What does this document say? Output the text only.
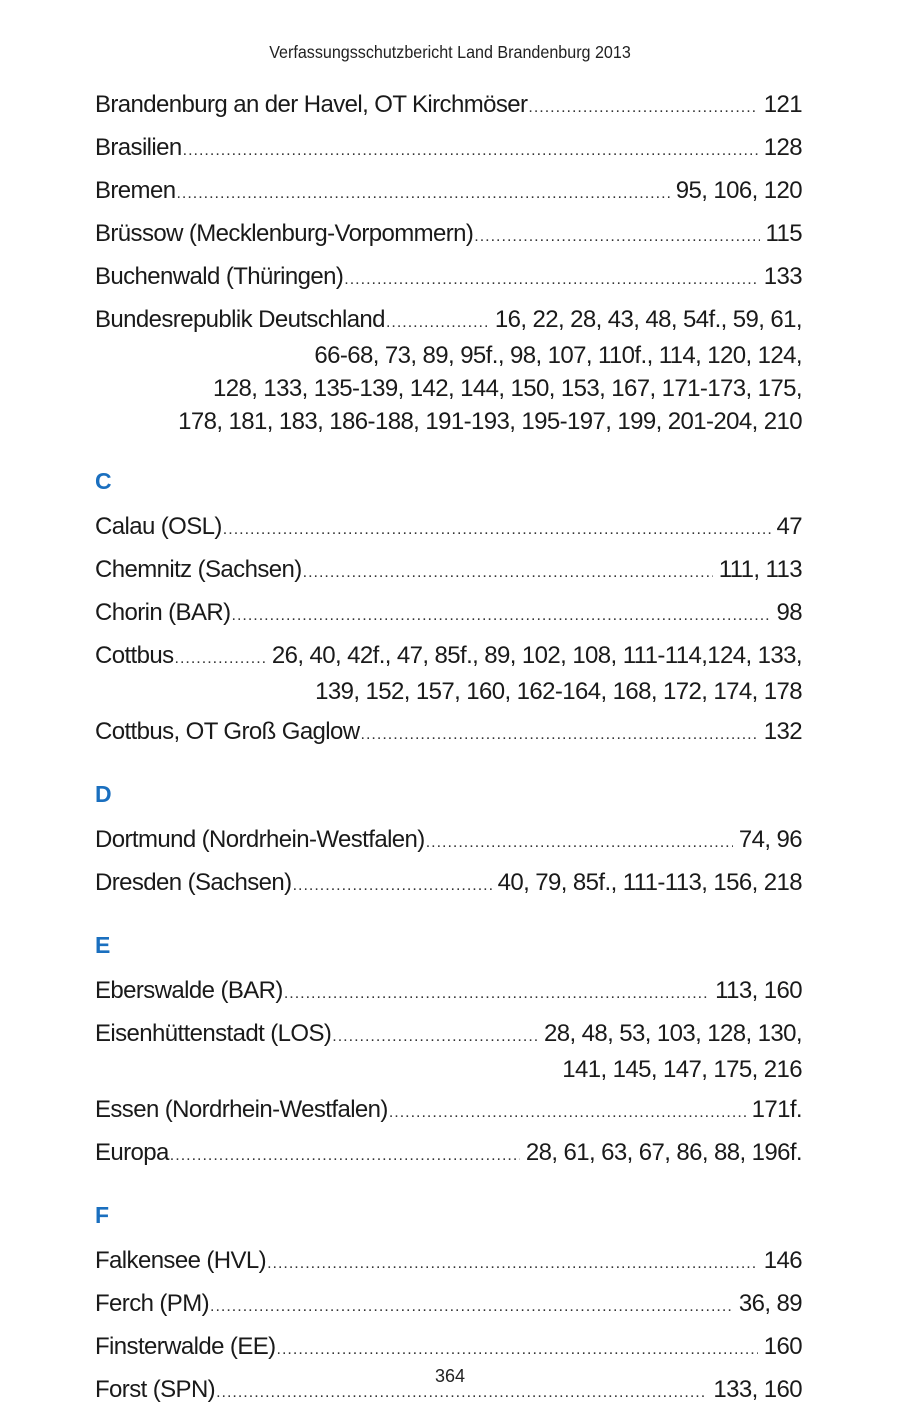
Verfassungsschutzbericht Land Brandenburg 2013
Brandenburg an der Havel, OT Kirchmöser .....	121
Brasilien .....	128
Bremen .....	95, 106, 120
Brüssow (Mecklenburg-Vorpommern) .....	115
Buchenwald (Thüringen) .....	133
Bundesrepublik Deutschland .....	16, 22, 28, 43, 48, 54f., 59, 61,
66-68, 73, 89, 95f., 98, 107, 110f., 114, 120, 124,
128, 133, 135-139, 142, 144, 150, 153, 167, 171-173, 175,
178, 181, 183, 186-188, 191-193, 195-197, 199, 201-204, 210
C
Calau (OSL) .....	47
Chemnitz (Sachsen) .....	111, 113
Chorin (BAR) .....	98
Cottbus .....	26, 40, 42f., 47, 85f., 89, 102, 108, 111-114,124, 133,
139, 152, 157, 160, 162-164, 168, 172, 174, 178
Cottbus, OT Groß Gaglow .....	132
D
Dortmund (Nordrhein-Westfalen) .....	74, 96
Dresden (Sachsen) .....	40, 79, 85f., 111-113, 156, 218
E
Eberswalde (BAR) .....	113, 160
Eisenhüttenstadt (LOS) .....	28, 48, 53, 103, 128, 130,
141, 145, 147, 175, 216
Essen (Nordrhein-Westfalen) .....	171f.
Europa .....	28, 61, 63, 67, 86, 88, 196f.
F
Falkensee (HVL) .....	146
Ferch (PM) .....	36, 89
Finsterwalde (EE) .....	160
Forst (SPN) .....	133, 160
364
